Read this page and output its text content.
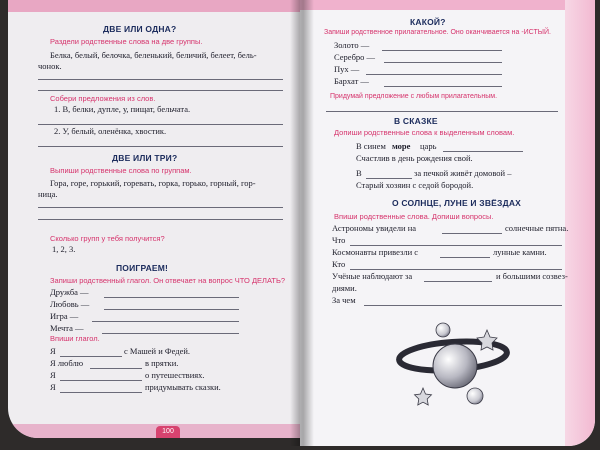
ДВЕ ИЛИ ОДНА?
Раздели родственные слова на две группы.
Белка, белый, белочка, беленький, беличий, белеет, бель-
чонок.
Собери предложения из слов.
1. В, белки, дупле, у, пищат, бельчата.
2. У, белый, оленёнка, хвостик.
ДВЕ ИЛИ ТРИ?
Выпиши родственные слова по группам.
Гора, горе, горький, горевать, горка, горько, горный, гор-
ница.
Сколько групп у тебя получится?
1, 2, 3.
ПОИГРАЕМ!
Запиши родственный глагол. Он отвечает на вопрос ЧТО ДЕЛАТЬ?
Дружба —
Любовь —
Игра —
Мечта —
Впиши глагол.
Я	с Машей и Федей.
Я люблю	в прятки.
Я	о путешествиях.
Я	придумывать сказки.
100
КАКОЙ?
Запиши родственное прилагательное. Оно оканчивается на -ИСТЫЙ.
Золото —
Серебро —
Пух —
Бархат —
Придумай предложение с любым прилагательным.
В СКАЗКЕ
Допиши родственные слова к выделенным словам.
В синем море царь
Счастлив в день рождения свой.
В	за печкой живёт домовой –
Старый хозяин с седой бородой.
О СОЛНЦЕ, ЛУНЕ И ЗВЁЗДАХ
Впиши родственные слова. Допиши вопросы.
Астрономы увидели на	солнечные пятна.
Что
Космонавты привезли с	лунные камни.
Кто
Учёные наблюдают за	и большими созвез-
диями.
За чем
